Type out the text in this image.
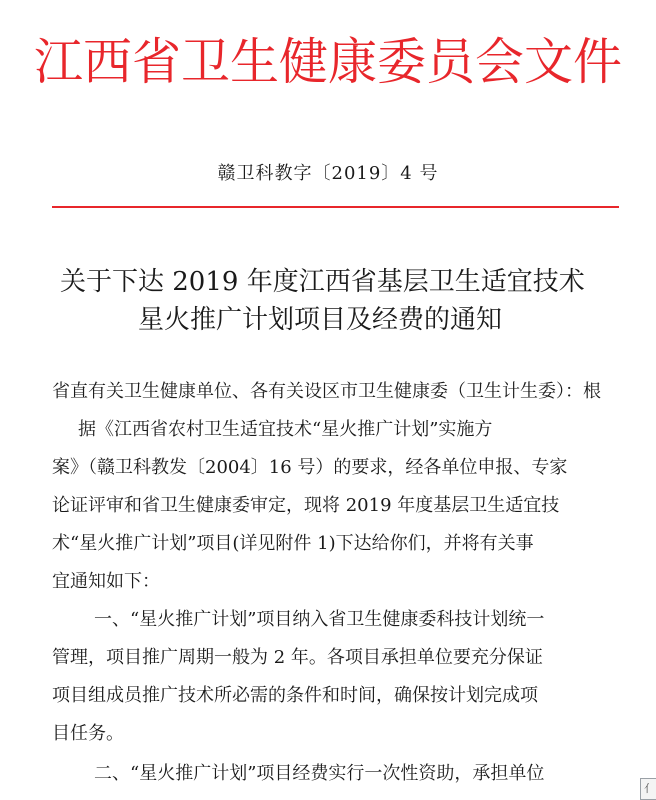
江西省卫生健康委员会文件
赣卫科教字〔2019〕4 号
关于下达 2019 年度江西省基层卫生适宜技术
星火推广计划项目及经费的通知
省直有关卫生健康单位、各有关设区市卫生健康委（卫生计生委）：根
据《江西省农村卫生适宜技术“星火推广计划”实施方
案》（赣卫科教发〔2004〕16 号）的要求，经各单位申报、专家
论证评审和省卫生健康委审定，现将 2019 年度基层卫生适宜技
术“星火推广计划”项目(详见附件 1)下达给你们，并将有关事
宜通知如下：
一、“星火推广计划”项目纳入省卫生健康委科技计划统一
管理，项目推广周期一般为 2 年。各项目承担单位要充分保证
项目组成员推广技术所必需的条件和时间，确保按计划完成项
目任务。
二、“星火推广计划”项目经费实行一次性资助，承担单位
亻
